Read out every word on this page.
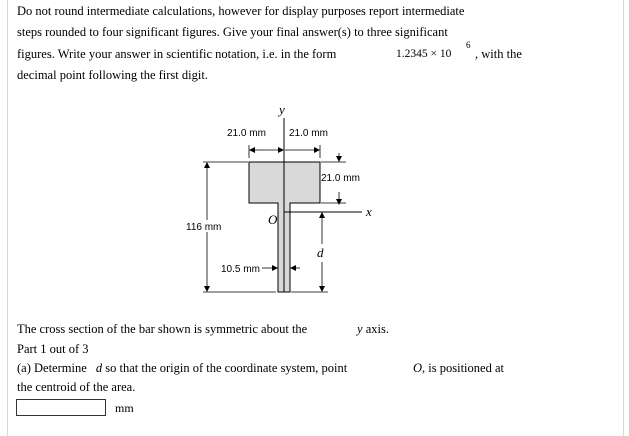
Do not round intermediate calculations, however for display purposes report intermediate
steps rounded to four significant figures. Give your final answer(s) to three significant
figures. Write your answer in scientific notation, i.e. in the form	1.2345 × 10
6
, with the
decimal point following the first digit.
y
x
O
21.0 mm 21.0 mm
21.0 mm
116 mm
10.5 mm
d
The cross section of the bar shown is symmetric about the	y axis.
Part 1 out of 3
(a) Determine d so that the origin of the coordinate system, point	O, is positioned at
the centroid of the area.
mm
